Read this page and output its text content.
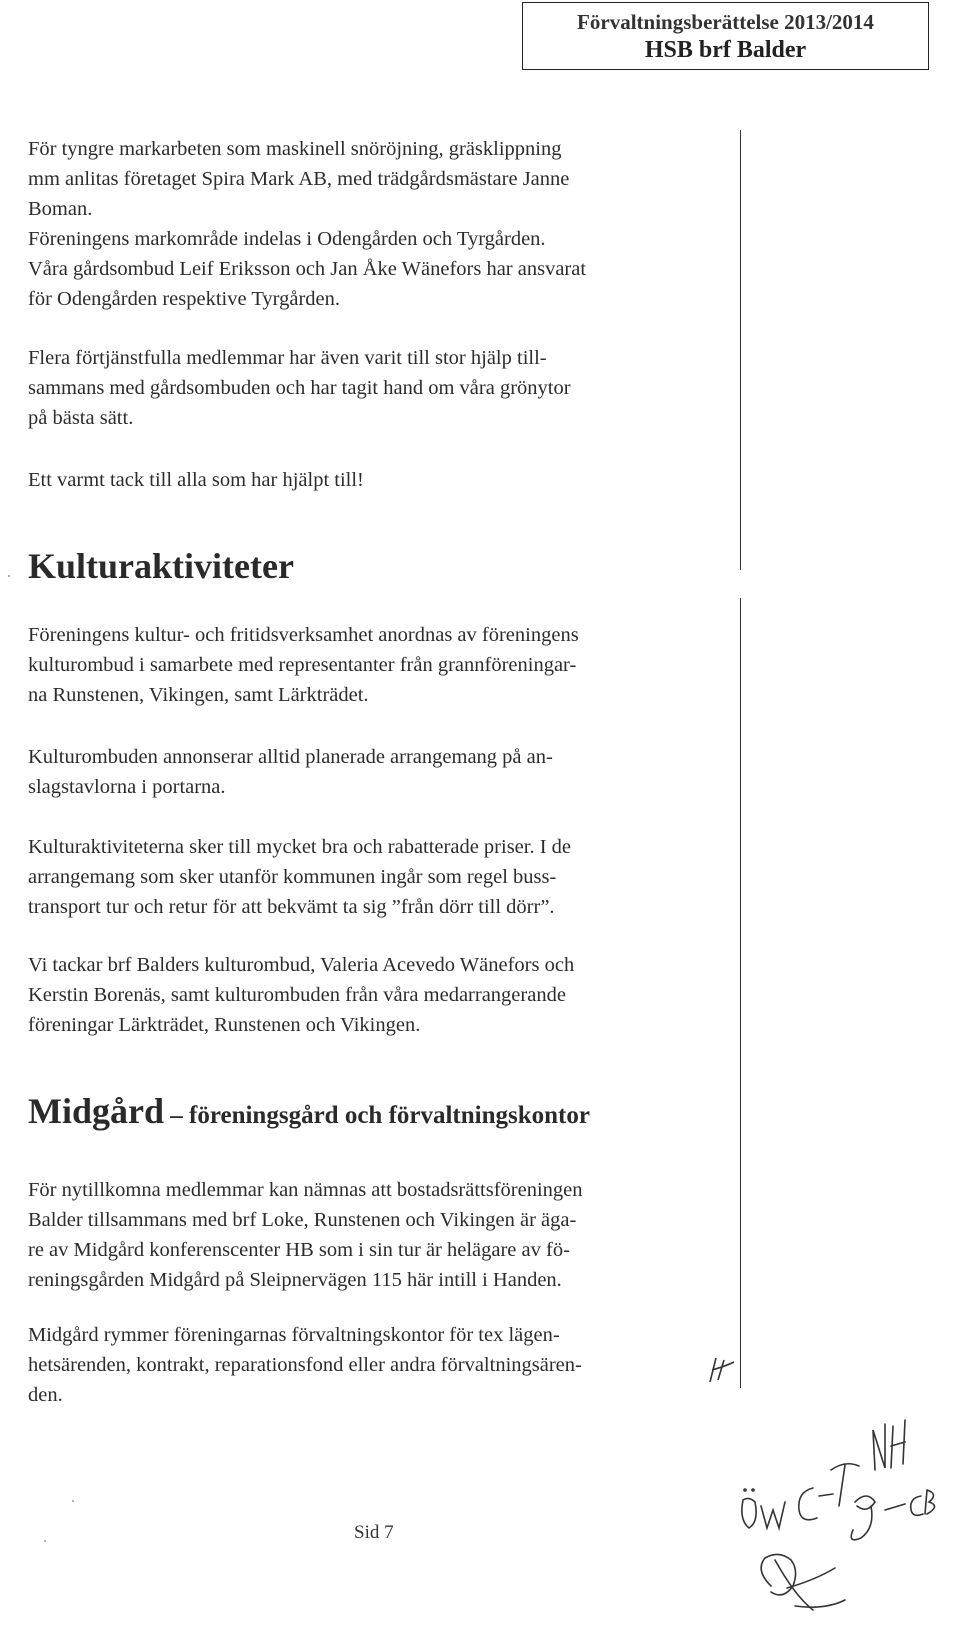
Förvaltningsberättelse 2013/2014
HSB brf Balder

För tyngre markarbeten som maskinell snöröjning, gräsklippning
mm anlitas företaget Spira Mark AB, med trädgårdsmästare Janne
Boman.
Föreningens markområde indelas i Odengården och Tyrgården.
Våra gårdsombud Leif Eriksson och Jan Åke Wänefors har ansvarat
för Odengården respektive Tyrgården.

Flera förtjänstfulla medlemmar har även varit till stor hjälp till-
sammans med gårdsombuden och har tagit hand om våra grönytor
på bästa sätt.

Ett varmt tack till alla som har hjälpt till!

Kulturaktiviteter

Föreningens kultur- och fritidsverksamhet anordnas av föreningens
kulturombud i samarbete med representanter från grannföreningar-
na Runstenen, Vikingen, samt Lärkträdet.

Kulturombuden annonserar alltid planerade arrangemang på an-
slagstavlorna i portarna.

Kulturaktiviteterna sker till mycket bra och rabatterade priser. I de
arrangemang som sker utanför kommunen ingår som regel buss-
transport tur och retur för att bekvämt ta sig ”från dörr till dörr”.

Vi tackar brf Balders kulturombud, Valeria Acevedo Wänefors och
Kerstin Borenäs, samt kulturombuden från våra medarrangerande
föreningar Lärkträdet, Runstenen och Vikingen.

Midgård – föreningsgård och förvaltningskontor

För nytillkomna medlemmar kan nämnas att bostadsrättsföreningen
Balder tillsammans med brf Loke, Runstenen och Vikingen är äga-
re av Midgård konferenscenter HB som i sin tur är helägare av fö-
reningsgården Midgård på Sleipnervägen 115 här intill i Handen.

Midgård rymmer föreningarnas förvaltningskontor för tex lägen-
hetsärenden, kontrakt, reparationsfond eller andra förvaltningsären-
den.

Sid 7
